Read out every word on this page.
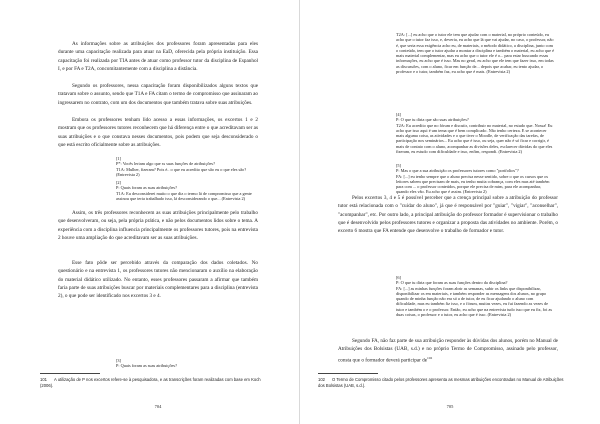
As informações sobre as atribuições dos professores foram apresentadas para eles durante uma capacitação realizada para atuar na EaD, oferecida pela própria instituição. Essa capacitação foi realizada por TIA antes de atuar como professor tutor da disciplina de Espanhol I, e por FA e T2A, concomitantemente com a disciplina a distância.

Segundo os professores, nessa capacitação foram disponibilizados alguns textos que tratavam sobre o assunto, sendo que T1A e FA citam o termo de compromisso que assinaram ao ingressarem no contrato, com um dos documentos que também tratava sobre suas atribuições.

Embora os professores tenham lido acesso a essas informações, os excertos 1 e 2 mostram que os professores tutores reconhecem que há diferença entre o que acreditavam ser as suas atribuições e o que constava nesses documentos, pois podem que seja desconsiderado o que está escrito oficialmente sobre as atribuições.

[1]
P*: Vocês leriam algo que ss suas funções de atribuições?
T1A: Mulher, fizeram? Pois é.. o que eu acredito que são eu o que eles são?
(Entrevista 2)
[2]
P: Quais foram as suas atribuições?
T1A: Eu desconsiderei muito o que diz o termo lá de compromisso que a gente assinou que teria trabalhado isso, lá desconsiderando o que... (Entrevista 2)

Assim, os três professores reconhecem as suas atribuições principalmente pelo trabalho que desenvolveram, ou seja, pela própria prática, e não pelos documentos lidos sobre o tema. A experiência com a disciplina influencia principalmente os professores tutores, pois na entrevista 2 houve uma ampliação do que acreditavam ser as suas atribuições.

Esse fato pôde ser percebido através da comparação dos dados coletados. No questionário e na entrevista 1, os professores tutores não mencionaram o auxílio na elaboração do material didático utilizado. No entanto, esses professores passaram a afirmar que também faria parte de suas atribuições buscar por materiais complementares para a disciplina (entrevista 2), o que pode ser identificado nos excertos 3 e 4.

[3]
P: Quais foram as suas atribuições?

101 A utilização de P nos excertos refere-se à pesquisadora, e as transcrições foram realizadas com base em Koch (2006).

704
T2A: [...] eu acho que o tutor ele tem que ajudar com o material, no próprio conteúdo, eu acho que o tutor faz isso, e, deveria, eu acho que lá que vai ajudar, no caso, o professor, não é, que seria essa exigência acho eu, de materiais, o método didático, a disciplina, junto com o conteúdo, tem que o tutor ajudar a montar a disciplina e também o material, eu acho que é mais material complementar, mas eu acho que o tutor ele é o... para estar buscando essas informações, eu acho que é isso. Mas no geral, eu acho que ele tem que fazer isso, em todas as discussões, com o aluno, ficar em função de... depois que acabar, eu tento ajudar, o professor e o tutor, também faz, eu acho que é mais. (Entrevista 2)
[4]
P: O que tu diria que são suas atribuições?
T2A: Eu acredito que no fórum e discutir, contribuir no material, no estudo que. Nossa! Eu acho que isso aqui é um tema que é bem complicado. Não tenho certeza. E se acontecer mais alguma coisa, as atividades e o que tiver o Moodle, de verificação das tarefas, de participação nos seminários... Eu acho que é isso, ou seja, quer não é só ficar e corrigir, é mais de contato com o aluno, acompanhar as divisões deles, esclarecer dúvidas do que eles fizeram, eu estudo com dificuldade e isso, enfim, respondi. (Entrevista 2)
[5]
P: Mas o que a sua atribuição os professores tutores como "portfolios"?
FA: [...] eu tenho sempre que o aluno precisa nesse sentido, sobre o que os cursos que os leitores sabem que precisam de mais, eu tenho muita cobrança, com eles mas até também para com ... o professor conteúdos, porque ele precisa de mim, para ele acompanhar, quando eles vão. Eu acho que é assim. (Entrevista 2)

Pelos excertos 3, 4 e 5 é possível perceber que a crença principal sobre a atribuição do professor tutor está relacionada com o "cuidar do aluno", já que é responsável por "guiar", "vigiar", "aconselhar", "acompanhar", etc. Por outro lado, a principal atribuição do professor formador é supervisionar o trabalho que é desenvolvido pelos professores tutores e organizar a proposta das atividades no ambiente. Porém, o excerto 6 mostra que FA entende que desenvolve o trabalho de formador e tutor.

[6]
P: O que tu diria que foram as suas funções dentro da disciplina?
FA: [...] as minhas funções foram abrir as semanas, subir os links que disponibilizar, disponibilizar os em materiais, e também responder as mensagens dos alunos, no grupo quando de minha função não era só a de tutor, de eu ficar ajudando o aluno com dificuldade, mas eu também fiz isso, e o fórum, muitas vezes, eu fui fazendo as vezes de tutor e também o e o professor. Então, eu acho que na entrevista tudo isso que eu fiz, foi as duas coisas, o professor e o tutor, eu acho que é isso. (Entrevista 2)

Segundo FA, não faz parte de sua atribuição responder às dúvidas dos alunos, porém no Manual de Atribuições dos Bolsistas (UAB, s.d.) e no próprio Termo de Compromisso, assinado pelo professor, consta que o formador deverá participar $de^{102}$

102 O Termo de Compromisso citado pelos professores apresenta as mesmas atribuições encontradas no Manual de Atribuições dos Bolsistas (UAB, s.d.).

705
